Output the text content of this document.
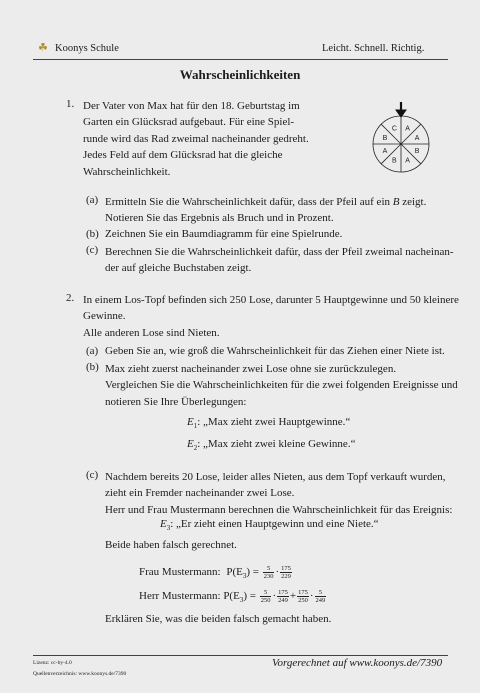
☘ Koonys Schule	Leicht. Schnell. Richtig.
Wahrscheinlichkeiten
1. Der Vater von Max hat für den 18. Geburtstag im
Garten ein Glücksrad aufgebaut. Für eine Spiel-
runde wird das Rad zweimal nacheinander gedreht.
Jedes Feld auf dem Glücksrad hat die gleiche
Wahrscheinlichkeit.
A
A
B
A
B
A
B
C
(a) Ermitteln Sie die Wahrscheinlichkeit dafür, dass der Pfeil auf ein B zeigt.
Notieren Sie das Ergebnis als Bruch und in Prozent.
(b) Zeichnen Sie ein Baumdiagramm für eine Spielrunde.
(c) Berechnen Sie die Wahrscheinlichkeit dafür, dass der Pfeil zweimal nacheinan-
der auf gleiche Buchstaben zeigt.
2. In einem Los-Topf befinden sich 250 Lose, darunter 5 Hauptgewinne und 50 kleinere
Gewinne.
Alle anderen Lose sind Nieten.
(a) Geben Sie an, wie groß die Wahrscheinlichkeit für das Ziehen einer Niete ist.
(b) Max zieht zuerst nacheinander zwei Lose ohne sie zurückzulegen.
Vergleichen Sie die Wahrscheinlichkeiten für die zwei folgenden Ereignisse und
notieren Sie Ihre Überlegungen:
$E_1$: „Max zieht zwei Hauptgewinne.“
$E_2$: „Max zieht zwei kleine Gewinne.“
(c) Nachdem bereits 20 Lose, leider alles Nieten, aus dem Topf verkauft wurden,
zieht ein Fremder nacheinander zwei Lose.
Herr und Frau Mustermann berechnen die Wahrscheinlichkeit für das Ereignis:
$E_3$: „Er zieht einen Hauptgewinn und eine Niete.“
Beide haben falsch gerechnet.
Frau Mustermann: $P(E_3) = \frac{5}{230} \cdot \frac{175}{229}$
Herr Mustermann: $P(E_3) = \frac{5}{250} \cdot \frac{175}{249} + \frac{175}{250} \cdot \frac{5}{249}$
Erklären Sie, was die beiden falsch gemacht haben.
Lizenz: cc-by-4.0
Quellenverzeichnis: www.koonys.de/7390
Vorgerechnet auf www.koonys.de/7390
